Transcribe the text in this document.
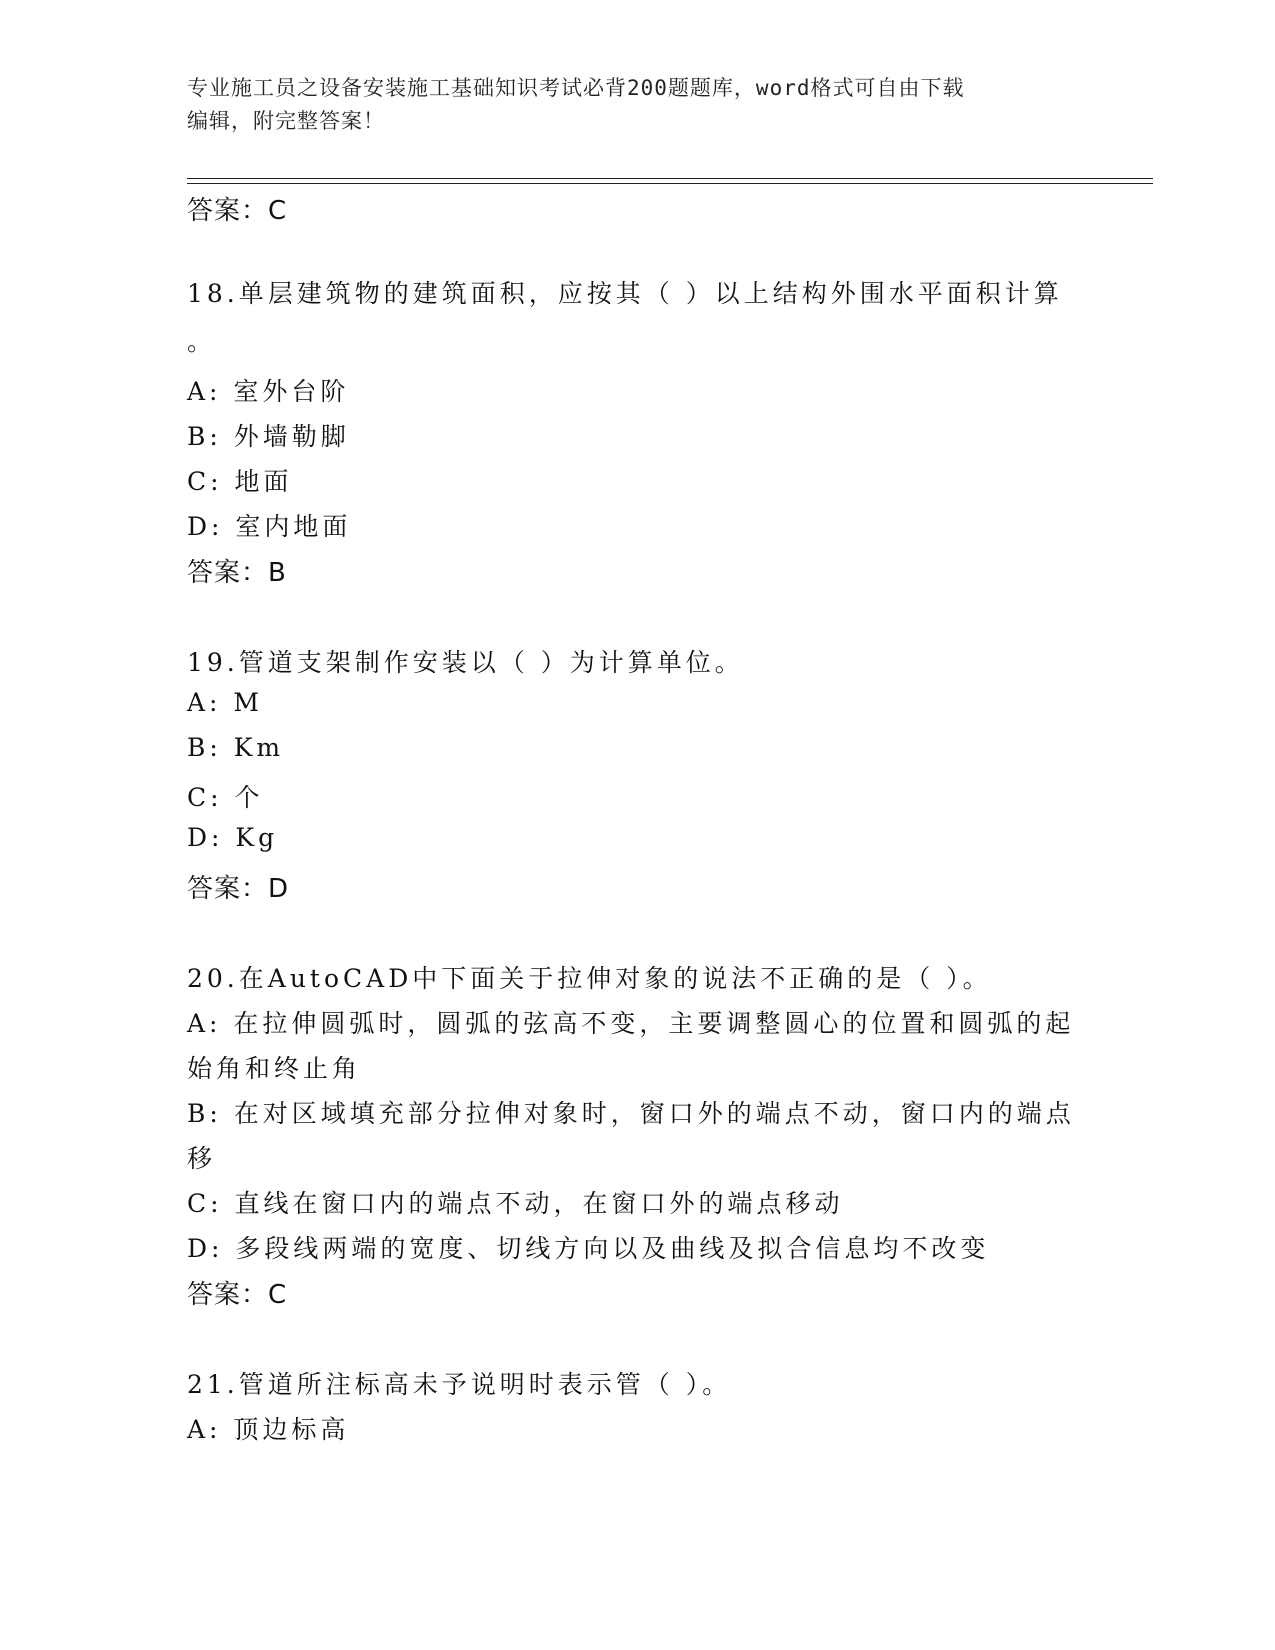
专业施工员之设备安装施工基础知识考试必背200题题库，word格式可自由下载
编辑，附完整答案！
答案：C
18.单层建筑物的建筑面积，应按其（ ）以上结构外围水平面积计算
。
A: 室外台阶
B: 外墙勒脚
C: 地面
D: 室内地面
答案：B
19.管道支架制作安装以（ ）为计算单位。
A: M
B: Km
C: 个
D: Kg
答案：D
20.在AutoCAD中下面关于拉伸对象的说法不正确的是（ ）。
A: 在拉伸圆弧时，圆弧的弦高不变，主要调整圆心的位置和圆弧的起
始角和终止角
B: 在对区域填充部分拉伸对象时，窗口外的端点不动，窗口内的端点
移
C: 直线在窗口内的端点不动，在窗口外的端点移动
D: 多段线两端的宽度、切线方向以及曲线及拟合信息均不改变
答案：C
21.管道所注标高未予说明时表示管（ ）。
A: 顶边标高
